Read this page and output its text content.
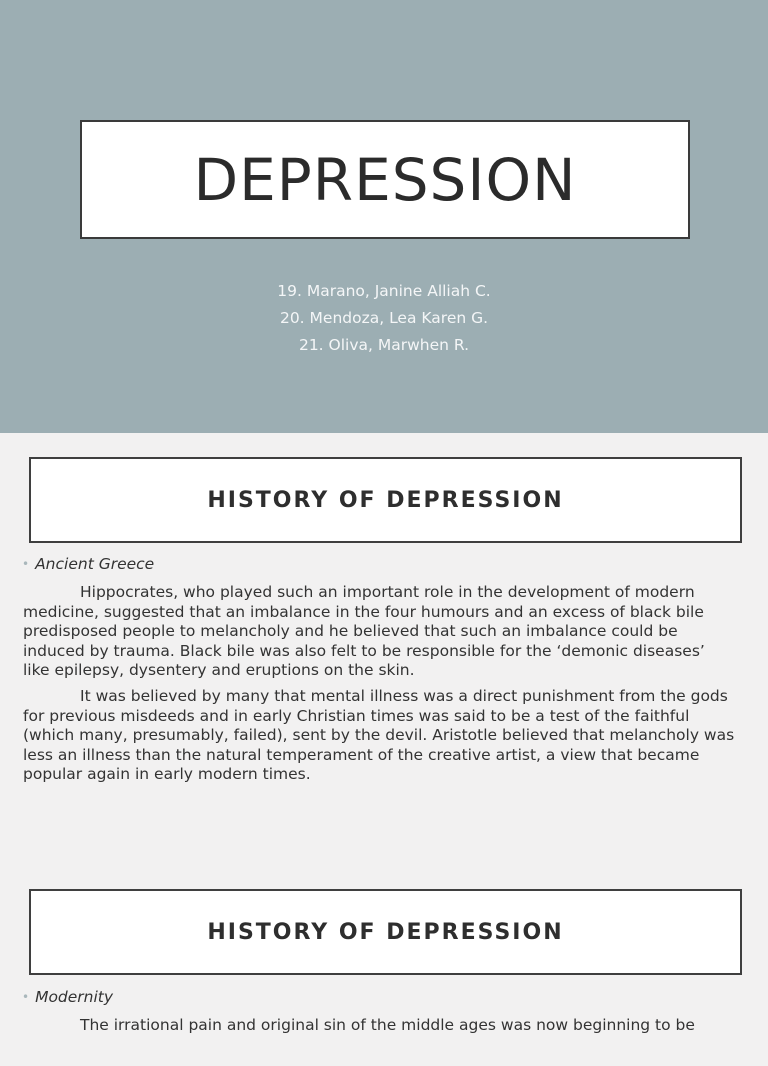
DEPRESSION
19. Marano, Janine Alliah C.
20. Mendoza, Lea Karen G.
21. Oliva, Marwhen R.
HISTORY OF DEPRESSION
• Ancient Greece

Hippocrates, who played such an important role in the development of modern medicine, suggested that an imbalance in the four humours and an excess of black bile predisposed people to melancholy and he believed that such an imbalance could be induced by trauma. Black bile was also felt to be responsible for the ‘demonic diseases’ like epilepsy, dysentery and eruptions on the skin.

It was believed by many that mental illness was a direct punishment from the gods for previous misdeeds and in early Christian times was said to be a test of the faithful (which many, presumably, failed), sent by the devil. Aristotle believed that melancholy was less an illness than the natural temperament of the creative artist, a view that became popular again in early modern times.

HISTORY OF DEPRESSION
• Modernity

The irrational pain and original sin of the middle ages was now beginning to be
